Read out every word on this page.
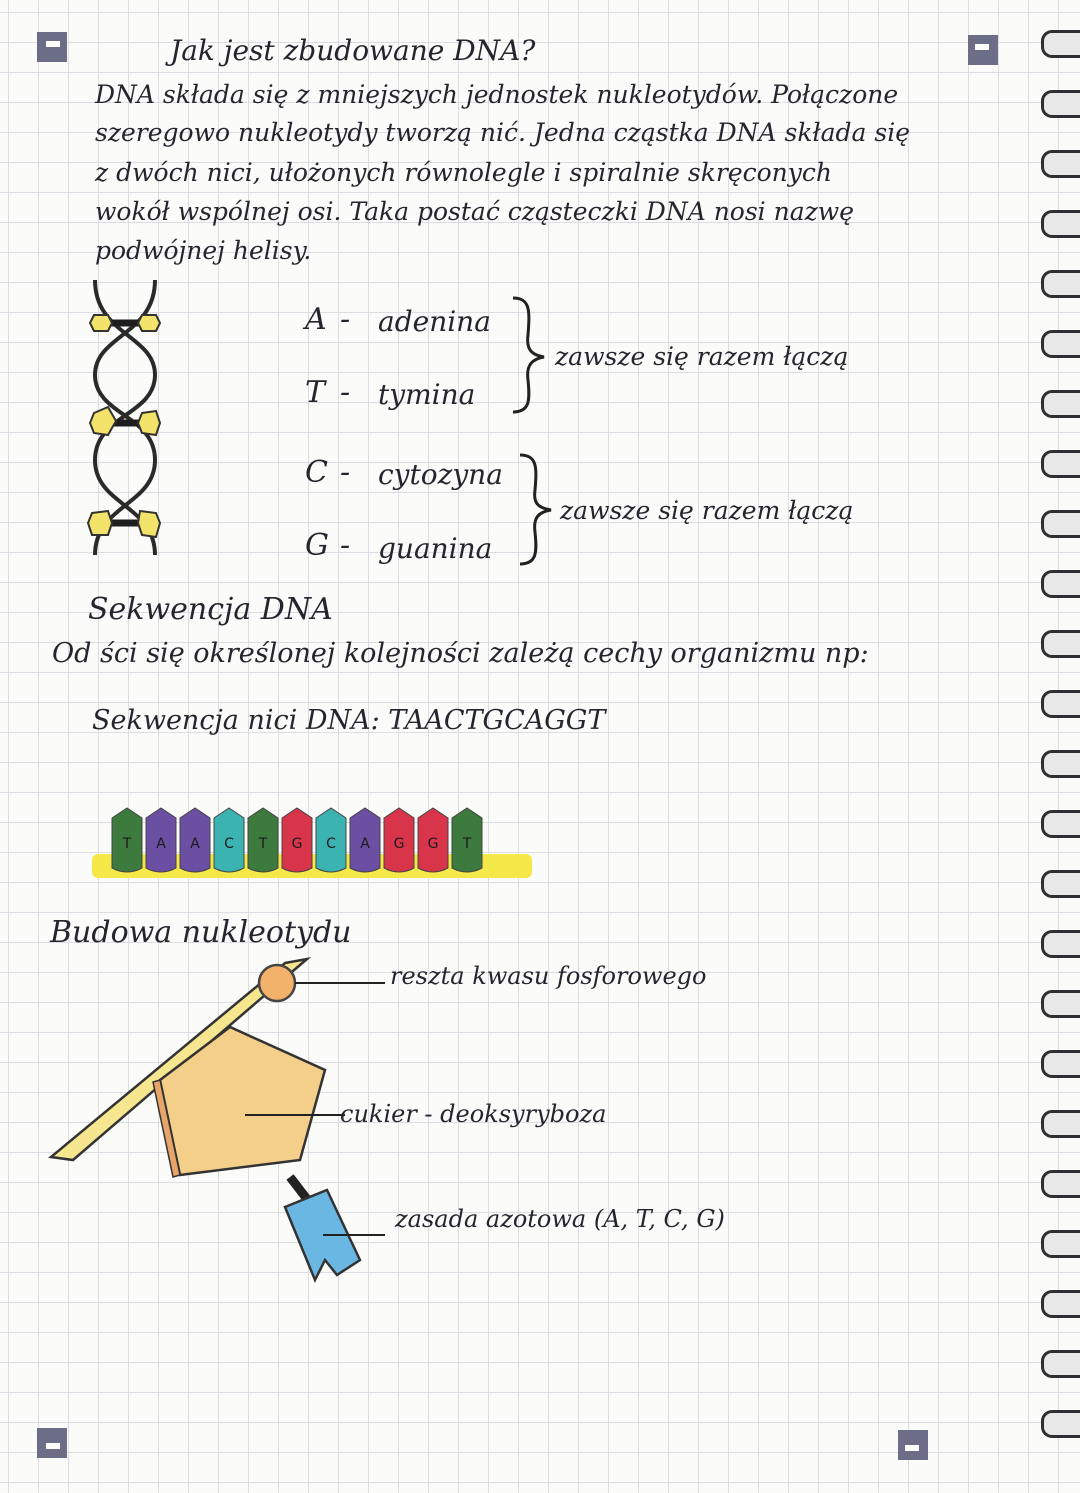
Jak jest zbudowane DNA?
DNA składa się z mniejszych jednostek nukleotydów. Połączone
szeregowo nukleotydy tworzą nić. Jedna cząstka DNA składa się
z dwóch nici, ułożonych równolegle i spiralnie skręconych
wokół wspólnej osi. Taka postać cząsteczki DNA nosi nazwę
podwójnej helisy.
A - adenina
T - tymina
C - cytozyna
G - guanina
zawsze się razem łączą
zawsze się razem łączą
Sekwencja DNA
Od ści się określonej kolejności zależą cechy organizmu np:
Sekwencja nici DNA: TAACTGCAGGT
T A A C T G C A G G T
Budowa nukleotydu
reszta kwasu fosforowego
cukier - deoksyryboza
zasada azotowa (A, T, C, G)
